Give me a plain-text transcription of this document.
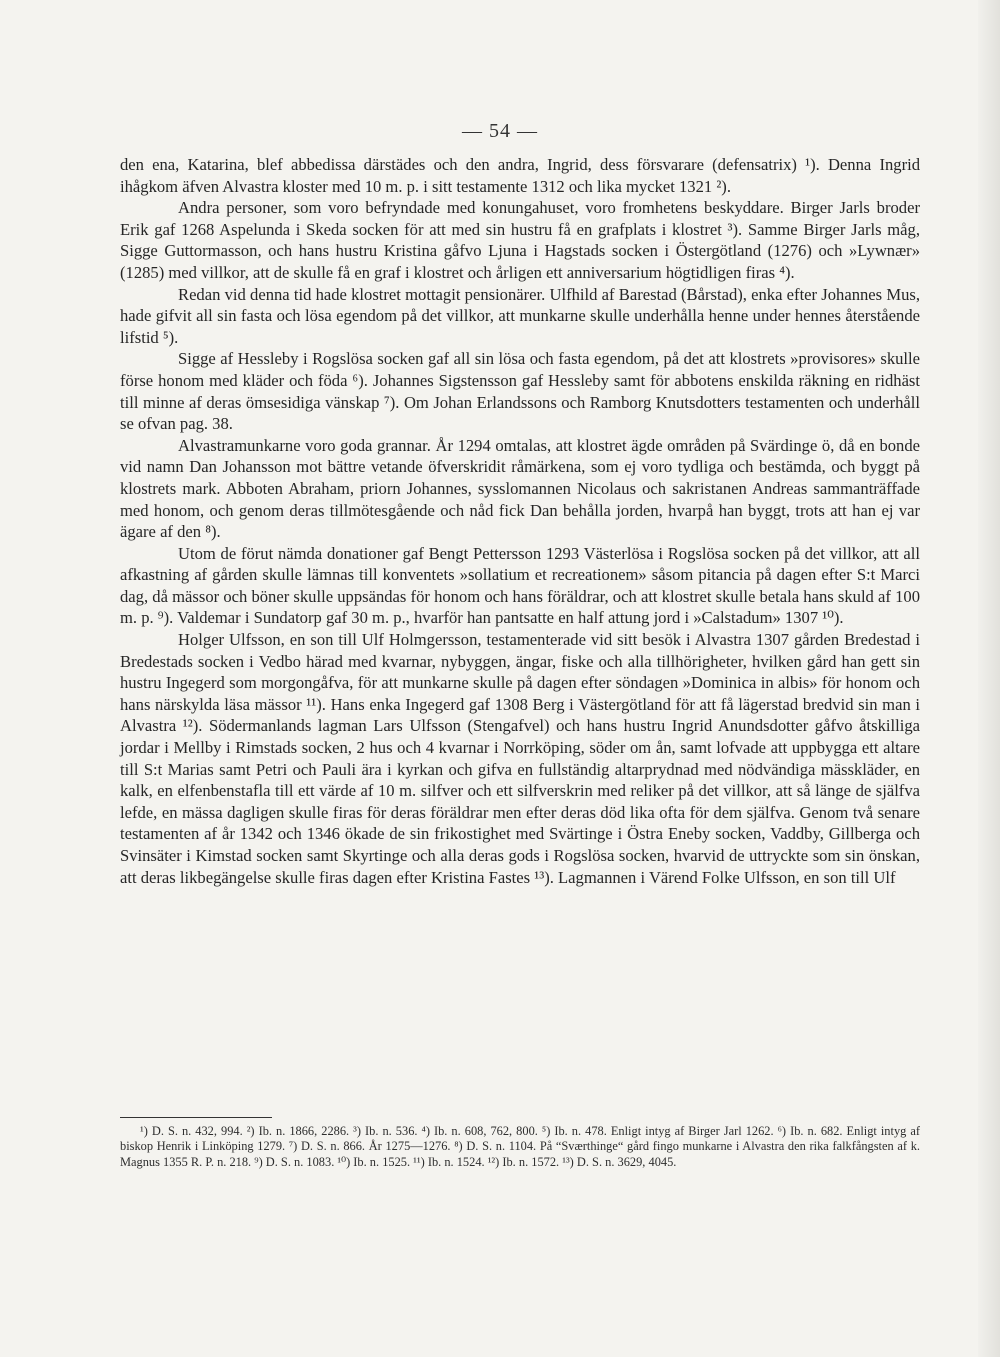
— 54 —

den ena, Katarina, blef abbedissa därstädes och den andra, Ingrid, dess försvarare (defensatrix) ¹). Denna Ingrid ihågkom äfven Alvastra kloster med 10 m. p. i sitt testamente 1312 och lika mycket 1321 ²).

Andra personer, som voro befryndade med konungahuset, voro fromhetens beskyddare. Birger Jarls broder Erik gaf 1268 Aspelunda i Skeda socken för att med sin hustru få en grafplats i klostret ³). Samme Birger Jarls måg, Sigge Guttormasson, och hans hustru Kristina gåfvo Ljuna i Hagstads socken i Östergötland (1276) och »Lywnær» (1285) med villkor, att de skulle få en graf i klostret och årligen ett anniversarium högtidligen firas ⁴).

Redan vid denna tid hade klostret mottagit pensionärer. Ulfhild af Barestad (Bårstad), enka efter Johannes Mus, hade gifvit all sin fasta och lösa egendom på det villkor, att munkarne skulle underhålla henne under hennes återstående lifstid ⁵).

Sigge af Hessleby i Rogslösa socken gaf all sin lösa och fasta egendom, på det att klostrets »provisores» skulle förse honom med kläder och föda ⁶). Johannes Sigstensson gaf Hessleby samt för abbotens enskilda räkning en ridhäst till minne af deras ömsesidiga vänskap ⁷). Om Johan Erlandssons och Ramborg Knutsdotters testamenten och underhåll se ofvan pag. 38.

Alvastramunkarne voro goda grannar. År 1294 omtalas, att klostret ägde områden på Svärdinge ö, då en bonde vid namn Dan Johansson mot bättre vetande öfverskridit råmärkena, som ej voro tydliga och bestämda, och byggt på klostrets mark. Abboten Abraham, priorn Johannes, sysslomannen Nicolaus och sakristanen Andreas sammanträffade med honom, och genom deras tillmötesgående och nåd fick Dan behålla jorden, hvarpå han byggt, trots att han ej var ägare af den ⁸).

Utom de förut nämda donationer gaf Bengt Pettersson 1293 Västerlösa i Rogslösa socken på det villkor, att all afkastning af gården skulle lämnas till konventets »sollatium et recreationem» såsom pitancia på dagen efter S:t Marci dag, då mässor och böner skulle uppsändas för honom och hans föräldrar, och att klostret skulle betala hans skuld af 100 m. p. ⁹). Valdemar i Sundatorp gaf 30 m. p., hvarför han pantsatte en half attung jord i »Calstadum» 1307 ¹⁰).

Holger Ulfsson, en son till Ulf Holmgersson, testamenterade vid sitt besök i Alvastra 1307 gården Bredestad i Bredestads socken i Vedbo härad med kvarnar, nybyggen, ängar, fiske och alla tillhörigheter, hvilken gård han gett sin hustru Ingegerd som morgongåfva, för att munkarne skulle på dagen efter söndagen »Dominica in albis» för honom och hans närskylda läsa mässor ¹¹). Hans enka Ingegerd gaf 1308 Berg i Västergötland för att få lägerstad bredvid sin man i Alvastra ¹²). Södermanlands lagman Lars Ulfsson (Stengafvel) och hans hustru Ingrid Anundsdotter gåfvo åtskilliga jordar i Mellby i Rimstads socken, 2 hus och 4 kvarnar i Norrköping, söder om ån, samt lofvade att uppbygga ett altare till S:t Marias samt Petri och Pauli ära i kyrkan och gifva en fullständig altarprydnad med nödvändiga mässkläder, en kalk, en elfenbenstafla till ett värde af 10 m. silfver och ett silfverskrin med reliker på det villkor, att så länge de själfva lefde, en mässa dagligen skulle firas för deras föräldrar men efter deras död lika ofta för dem själfva. Genom två senare testamenten af år 1342 och 1346 ökade de sin frikostighet med Svärtinge i Östra Eneby socken, Vaddby, Gillberga och Svinsäter i Kimstad socken samt Skyrtinge och alla deras gods i Rogslösa socken, hvarvid de uttryckte som sin önskan, att deras likbegängelse skulle firas dagen efter Kristina Fastes ¹³). Lagmannen i Värend Folke Ulfsson, en son till Ulf

¹) D. S. n. 432, 994. ²) Ib. n. 1866, 2286. ³) Ib. n. 536. ⁴) Ib. n. 608, 762, 800. ⁵) Ib. n. 478. Enligt intyg af Birger Jarl 1262. ⁶) Ib. n. 682. Enligt intyg af biskop Henrik i Linköping 1279. ⁷) D. S. n. 866. År 1275—1276. ⁸) D. S. n. 1104. På “Sværthinge“ gård fingo munkarne i Alvastra den rika falkfångsten af k. Magnus 1355 R. P. n. 218. ⁹) D. S. n. 1083. ¹⁰) Ib. n. 1525. ¹¹) Ib. n. 1524. ¹²) Ib. n. 1572. ¹³) D. S. n. 3629, 4045.
